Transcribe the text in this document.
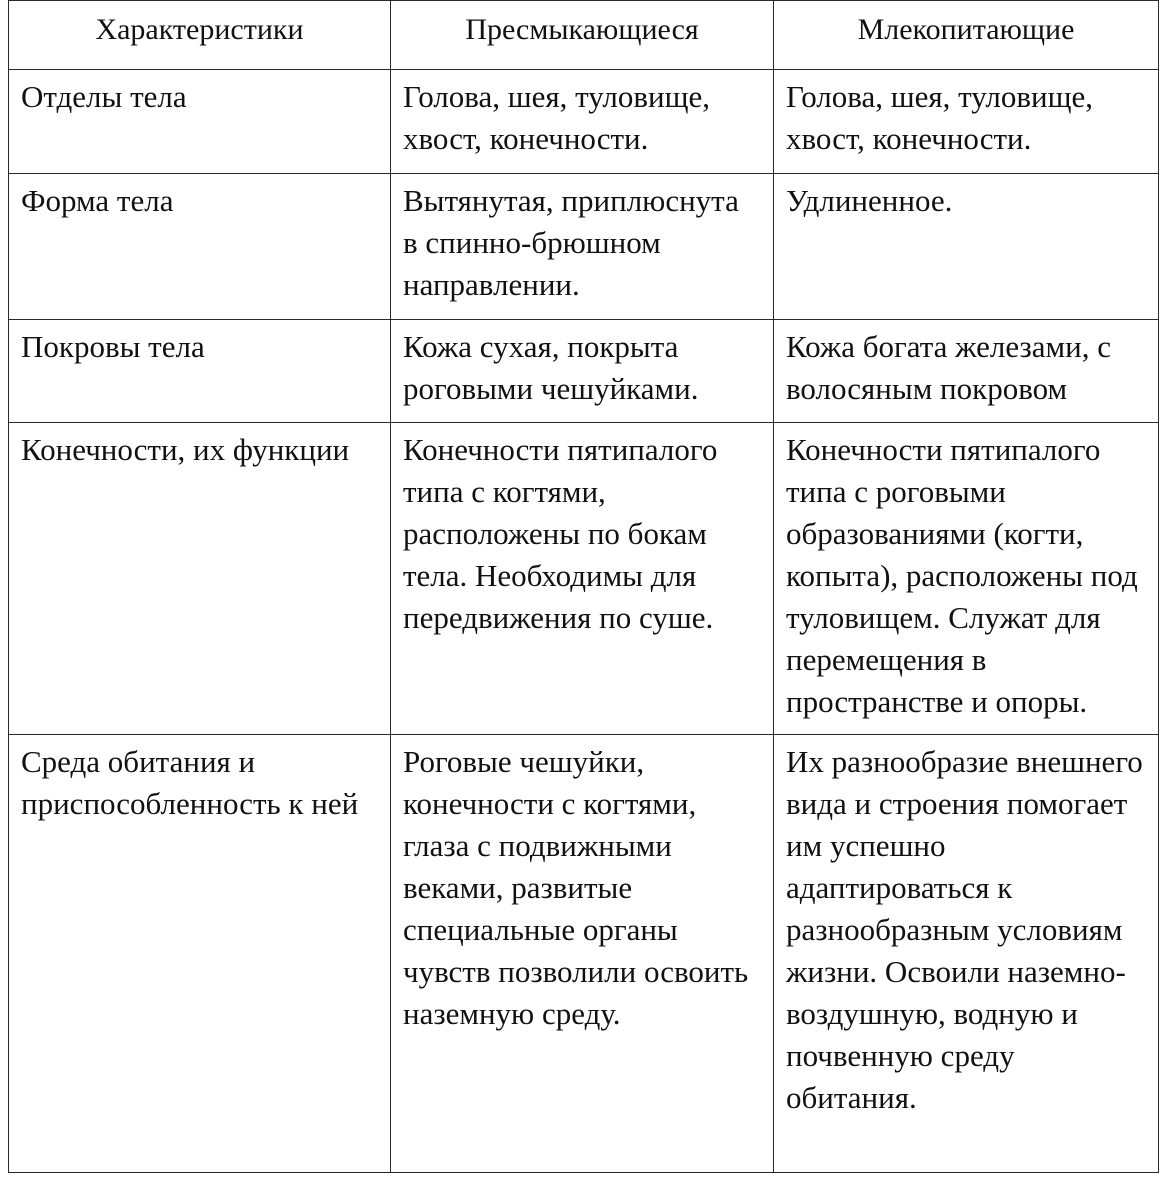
Характеристики	Пресмыкающиеся	Млекопитающие
Отделы тела	Голова, шея, туловище, хвост, конечности.	Голова, шея, туловище, хвост, конечности.
Форма тела	Вытянутая, приплюснута в спинно-брюшном направлении.	Удлиненное.
Покровы тела	Кожа сухая, покрыта роговыми чешуйками.	Кожа богата железами, с волосяным покровом
Конечности, их функции	Конечности пятипалого типа с когтями, расположены по бокам тела. Необходимы для передвижения по суше.	Конечности пятипалого типа с роговыми образованиями (когти, копыта), расположены под туловищем. Служат для перемещения в пространстве и опоры.
Среда обитания и приспособленность к ней	Роговые чешуйки, конечности с когтями, глаза с подвижными веками, развитые специальные органы чувств позволили освоить наземную среду.	Их разнообразие внешнего вида и строения помогает им успешно адаптироваться к разнообразным условиям жизни. Освоили наземно-воздушную, водную и почвенную среду обитания.
